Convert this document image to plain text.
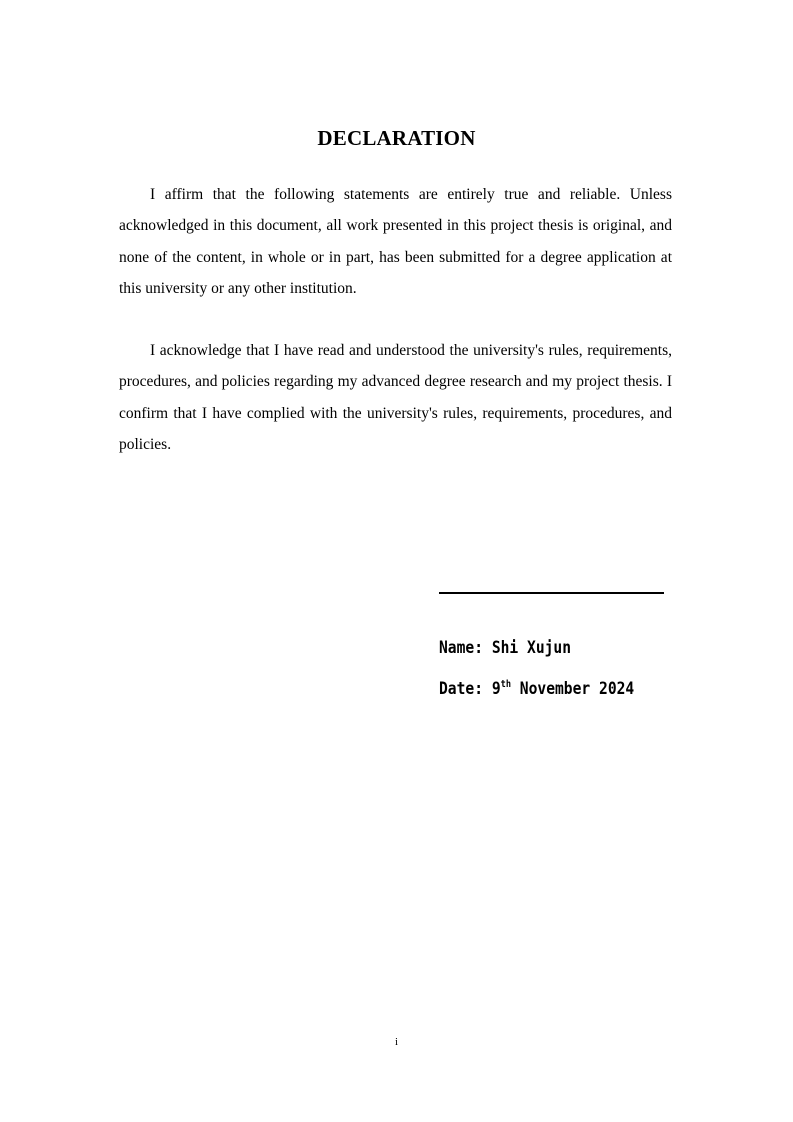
DECLARATION

I affirm that the following statements are entirely true and reliable. Unless acknowledged in this document, all work presented in this project thesis is original, and none of the content, in whole or in part, has been submitted for a degree application at this university or any other institution.

I acknowledge that I have read and understood the university's rules, requirements, procedures, and policies regarding my advanced degree research and my project thesis. I confirm that I have complied with the university's rules, requirements, procedures, and policies.

Name: Shi Xujun
Date: 9th November 2024
i
